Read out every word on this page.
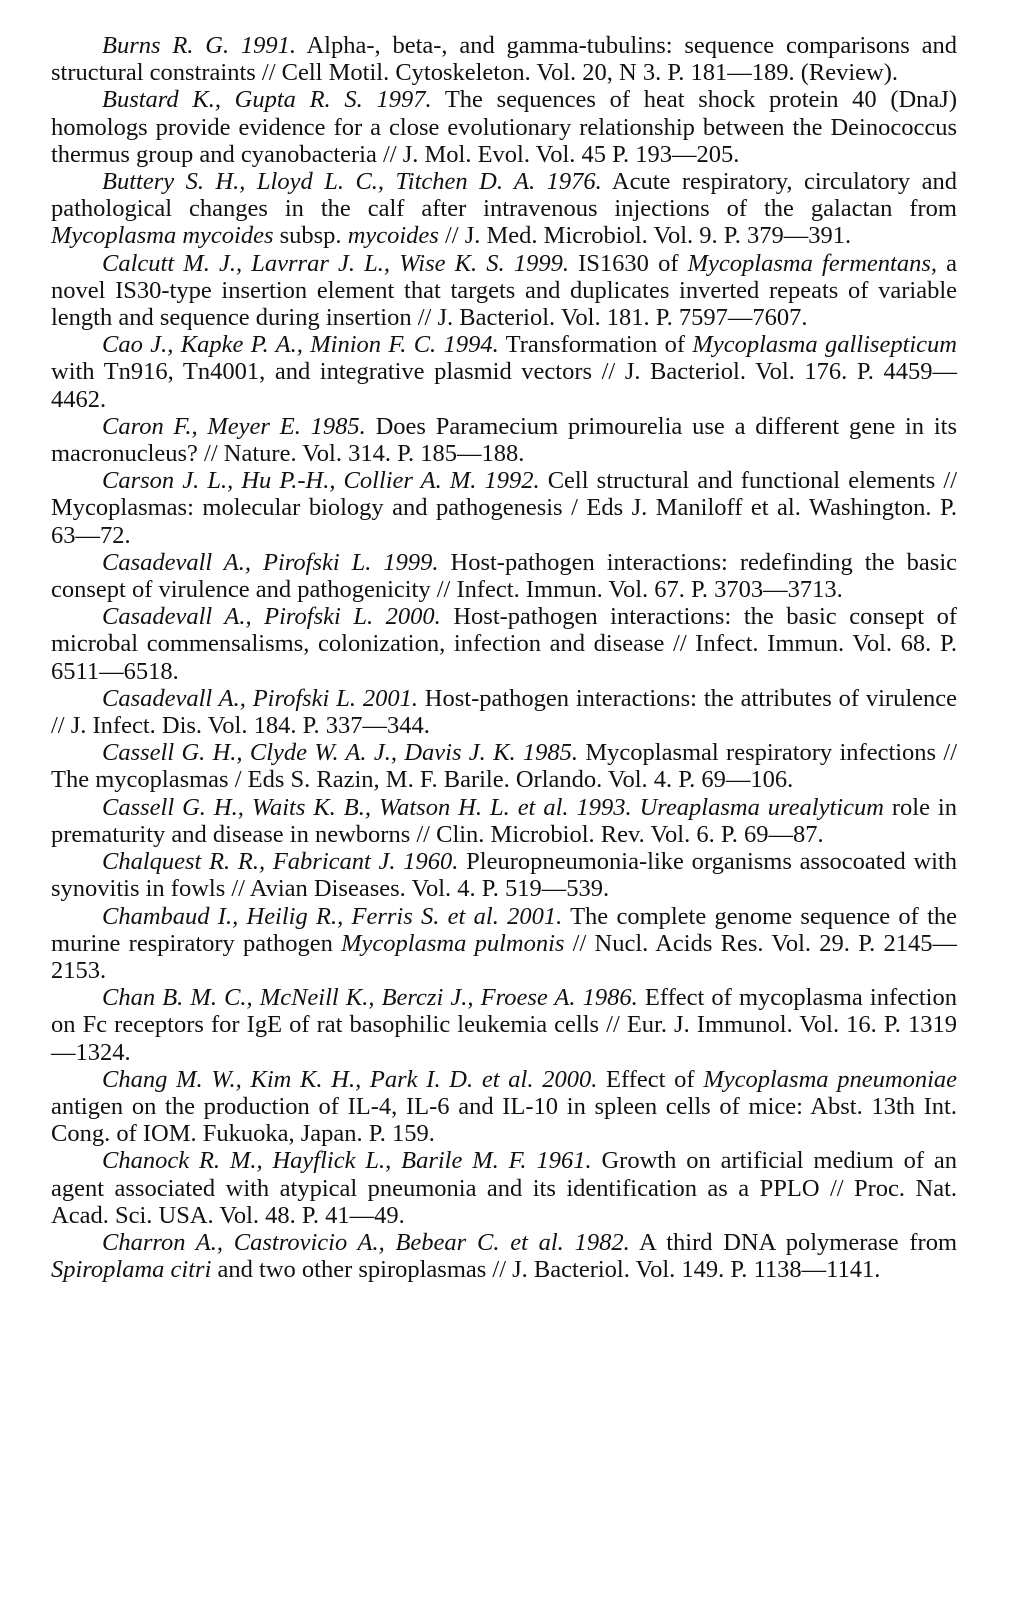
Burns R. G. 1991. Alpha-, beta-, and gamma-tubulins: sequence comparisons and structural constraints // Cell Motil. Cytoskeleton. Vol. 20, N 3. P. 181—189. (Review).

Bustard K., Gupta R. S. 1997. The sequences of heat shock protein 40 (DnaJ) homologs provide evidence for a close evolutionary relationship between the Deinococcus thermus group and cyanobacteria // J. Mol. Evol. Vol. 45 P. 193—205.

Buttery S. H., Lloyd L. C., Titchen D. A. 1976. Acute respiratory, circulatory and pathological changes in the calf after intravenous injections of the galactan from Mycoplasma mycoides subsp. mycoides // J. Med. Microbiol. Vol. 9. P. 379—391.

Calcutt M. J., Lavrrar J. L., Wise K. S. 1999. IS1630 of Mycoplasma fermentans, a novel IS30-type insertion element that targets and duplicates inverted repeats of variable length and sequence during insertion // J. Bacteriol. Vol. 181. P. 7597—7607.

Cao J., Kapke P. A., Minion F. C. 1994. Transformation of Mycoplasma gallisepticum with Tn916, Tn4001, and integrative plasmid vectors // J. Bacteriol. Vol. 176. P. 4459—4462.

Caron F., Meyer E. 1985. Does Paramecium primourelia use a different gene in its macronucleus? // Nature. Vol. 314. P. 185—188.

Carson J. L., Hu P.-H., Collier A. M. 1992. Cell structural and functional elements // Mycoplasmas: molecular biology and pathogenesis / Eds J. Maniloff et al. Washington. P. 63—72.

Casadevall A., Pirofski L. 1999. Host-pathogen interactions: redefinding the basic consept of virulence and pathogenicity // Infect. Immun. Vol. 67. P. 3703—3713.

Casadevall A., Pirofski L. 2000. Host-pathogen interactions: the basic consept of microbal commensalisms, colonization, infection and disease // Infect. Immun. Vol. 68. P. 6511—6518.

Casadevall A., Pirofski L. 2001. Host-pathogen interactions: the attributes of virulence // J. Infect. Dis. Vol. 184. P. 337—344.

Cassell G. H., Clyde W. A. J., Davis J. K. 1985. Mycoplasmal respiratory infections // The mycoplasmas / Eds S. Razin, M. F. Barile. Orlando. Vol. 4. P. 69—106.

Cassell G. H., Waits K. B., Watson H. L. et al. 1993. Ureaplasma urealyticum role in prematurity and disease in newborns // Clin. Microbiol. Rev. Vol. 6. P. 69—87.

Chalquest R. R., Fabricant J. 1960. Pleuropneumonia-like organisms assocoated with synovitis in fowls // Avian Diseases. Vol. 4. P. 519—539.

Chambaud I., Heilig R., Ferris S. et al. 2001. The complete genome sequence of the murine respiratory pathogen Mycoplasma pulmonis // Nucl. Acids Res. Vol. 29. P. 2145—2153.

Chan B. M. C., McNeill K., Berczi J., Froese A. 1986. Effect of mycoplasma infection on Fc receptors for IgE of rat basophilic leukemia cells // Eur. J. Immunol. Vol. 16. P. 1319—1324.

Chang M. W., Kim K. H., Park I. D. et al. 2000. Effect of Mycoplasma pneumoniae antigen on the production of IL-4, IL-6 and IL-10 in spleen cells of mice: Abst. 13th Int. Cong. of IOM. Fukuoka, Japan. P. 159.

Chanock R. M., Hayflick L., Barile M. F. 1961. Growth on artificial medium of an agent associated with atypical pneumonia and its identification as a PPLO // Proc. Nat. Acad. Sci. USA. Vol. 48. P. 41—49.

Charron A., Castrovicio A., Bebear C. et al. 1982. A third DNA polymerase from Spiroplama citri and two other spiroplasmas // J. Bacteriol. Vol. 149. P. 1138—1141.
